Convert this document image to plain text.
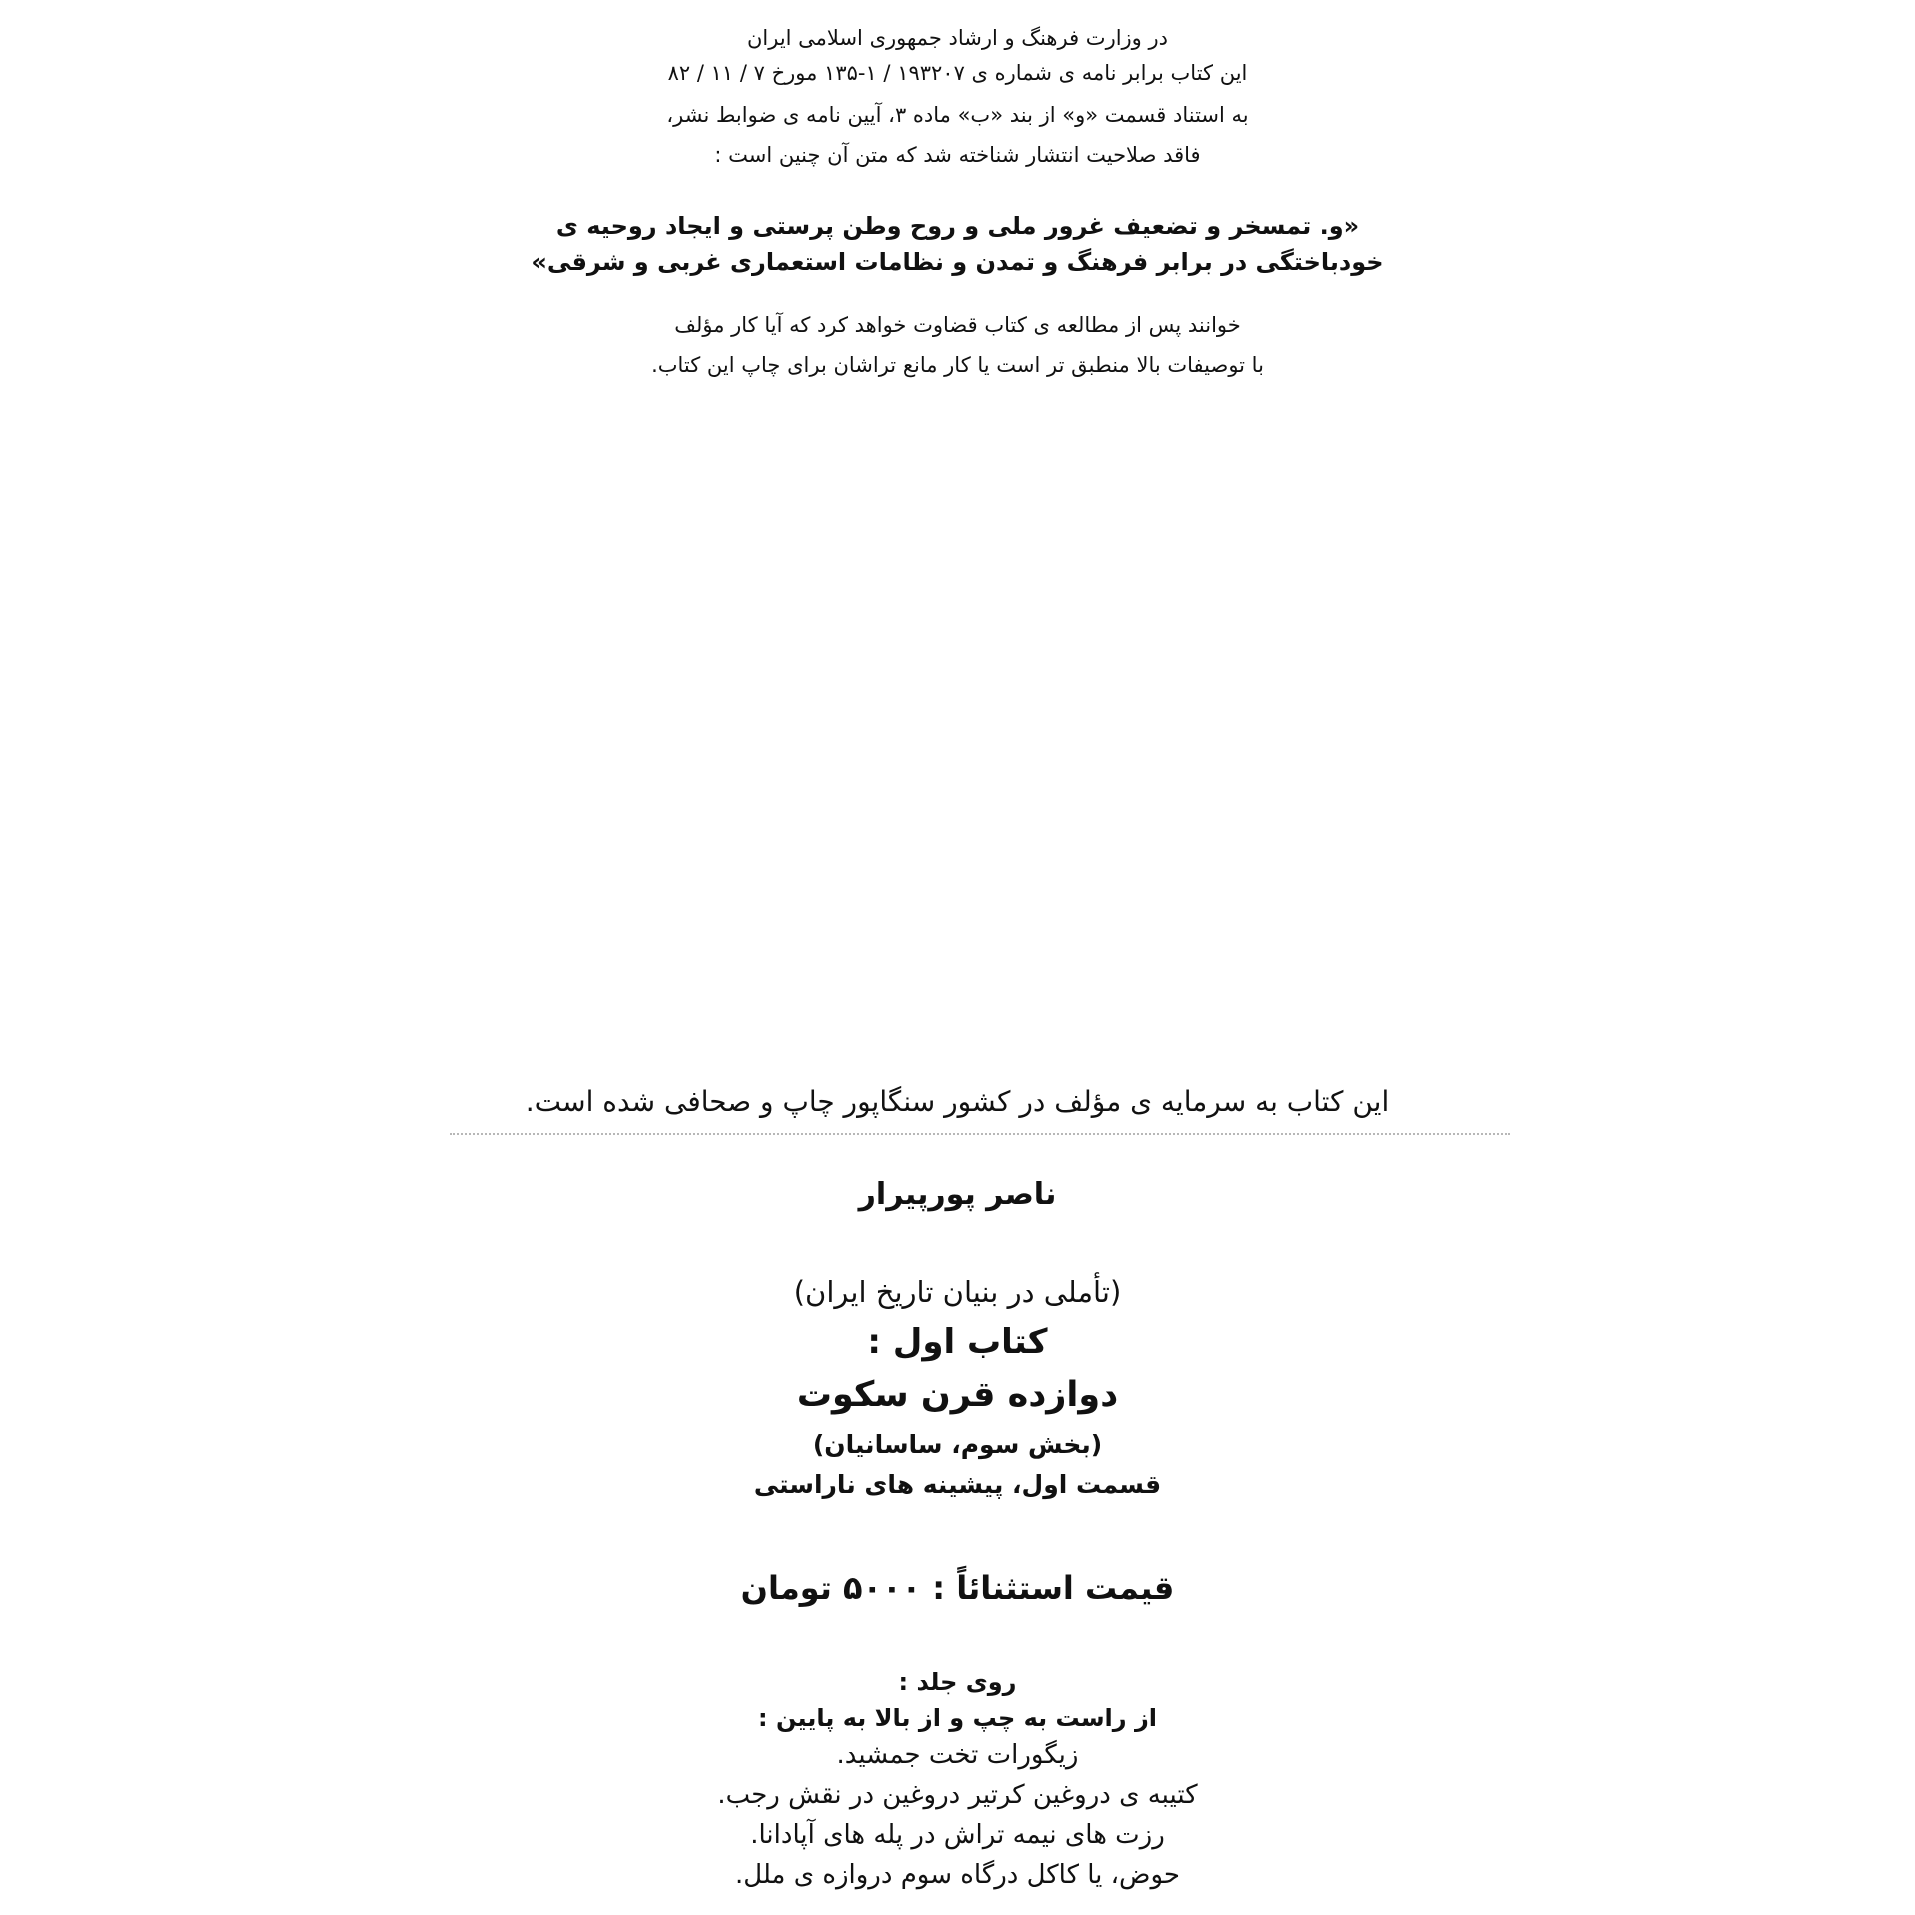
در وزارت فرهنگ و ارشاد جمهوری اسلامی ایران
این کتاب برابر نامه ی شماره ی ۱۹۳۲۰۷ / ۱-۱۳۵ مورخ ۷ / ۱۱ / ۸۲
به استناد قسمت «و» از بند «ب» ماده ۳، آیین نامه ی ضوابط نشر،
فاقد صلاحیت انتشار شناخته شد که متن آن چنین است :
«و. تمسخر و تضعیف غرور ملی و روح وطن پرستی و ایجاد روحیه ی
خودباختگی در برابر فرهنگ و تمدن و نظامات استعماری غربی و شرقی»
خوانند پس از مطالعه ی کتاب قضاوت خواهد کرد که آیا کار مؤلف
با توصیفات بالا منطبق تر است یا کار مانع تراشان برای چاپ این کتاب.
این کتاب به سرمایه ی مؤلف در کشور سنگاپور چاپ و صحافی شده است.
ناصر پورپیرار
(تأملی در بنیان تاریخ ایران)
کتاب اول :
دوازده قرن سکوت
(بخش سوم، ساسانیان)
قسمت اول، پیشینه های ناراستی
قیمت استثنائاً : ۵۰۰۰ تومان
روی جلد :
از راست به چپ و از بالا به پایین :
زیگورات تخت جمشید.
کتیبه ی دروغین کرتیر دروغین در نقش رجب.
رزت های نیمه تراش در پله های آپادانا.
حوض، یا کاکل درگاه سوم دروازه ی ملل.
